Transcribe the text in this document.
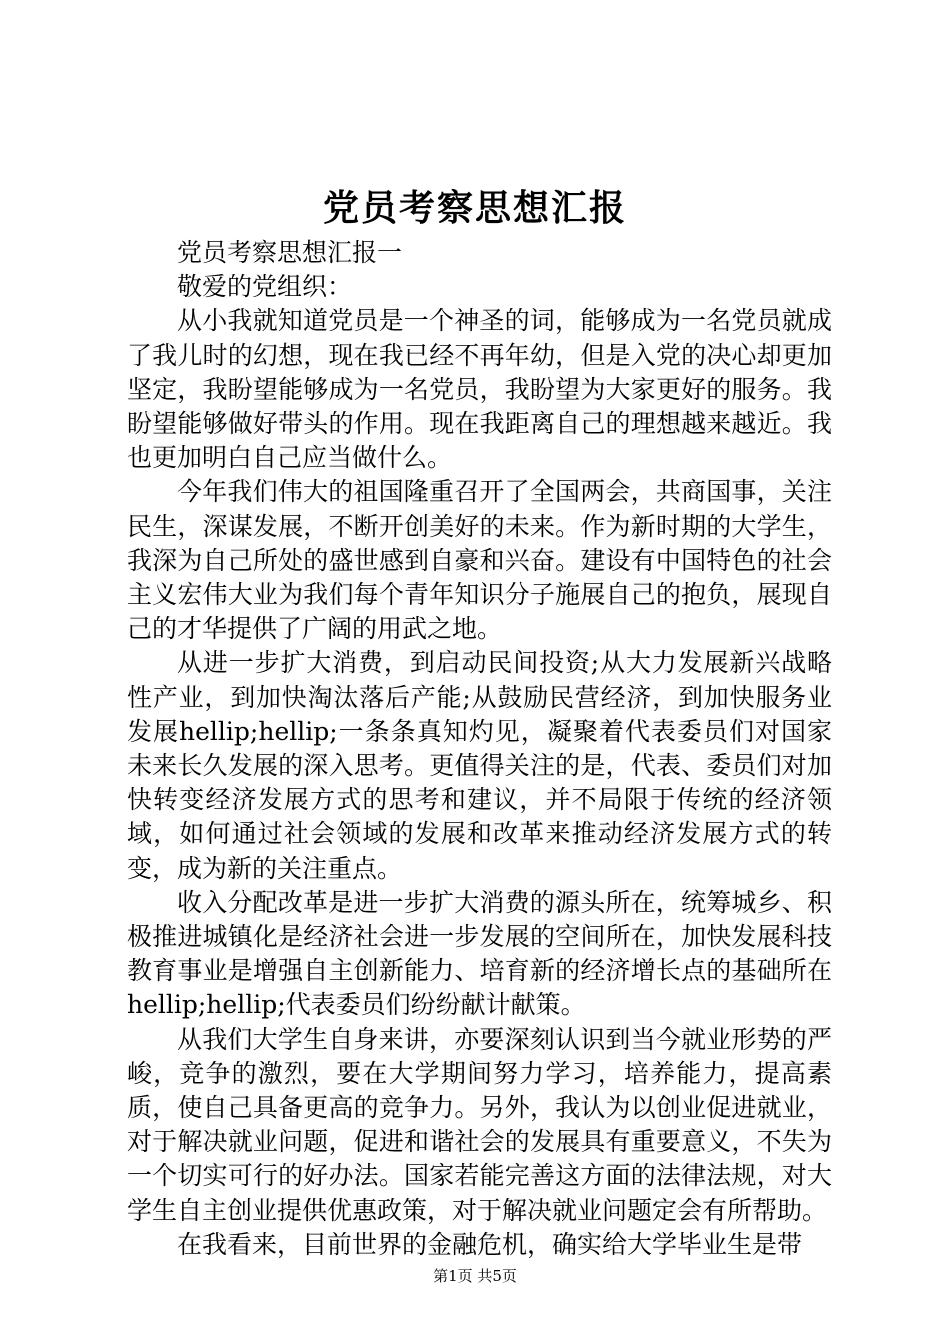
党员考察思想汇报

党员考察思想汇报一

敬爱的党组织：

从小我就知道党员是一个神圣的词，能够成为一名党员就成了我儿时的幻想，现在我已经不再年幼，但是入党的决心却更加坚定，我盼望能够成为一名党员，我盼望为大家更好的服务。我盼望能够做好带头的作用。现在我距离自己的理想越来越近。我也更加明白自己应当做什么。

今年我们伟大的祖国隆重召开了全国两会，共商国事，关注民生，深谋发展，不断开创美好的未来。作为新时期的大学生，我深为自己所处的盛世感到自豪和兴奋。建设有中国特色的社会主义宏伟大业为我们每个青年知识分子施展自己的抱负，展现自己的才华提供了广阔的用武之地。

从进一步扩大消费，到启动民间投资;从大力发展新兴战略性产业，到加快淘汰落后产能;从鼓励民营经济，到加快服务业发展hellip;hellip;一条条真知灼见，凝聚着代表委员们对国家未来长久发展的深入思考。更值得关注的是，代表、委员们对加快转变经济发展方式的思考和建议，并不局限于传统的经济领域，如何通过社会领域的发展和改革来推动经济发展方式的转变，成为新的关注重点。

收入分配改革是进一步扩大消费的源头所在，统筹城乡、积极推进城镇化是经济社会进一步发展的空间所在，加快发展科技教育事业是增强自主创新能力、培育新的经济增长点的基础所在hellip;hellip;代表委员们纷纷献计献策。

从我们大学生自身来讲，亦要深刻认识到当今就业形势的严峻，竞争的激烈，要在大学期间努力学习，培养能力，提高素质，使自己具备更高的竞争力。另外，我认为以创业促进就业，对于解决就业问题，促进和谐社会的发展具有重要意义，不失为一个切实可行的好办法。国家若能完善这方面的法律法规，对大学生自主创业提供优惠政策，对于解决就业问题定会有所帮助。

在我看来，目前世界的金融危机，确实给大学毕业生是带

第1页 共5页
